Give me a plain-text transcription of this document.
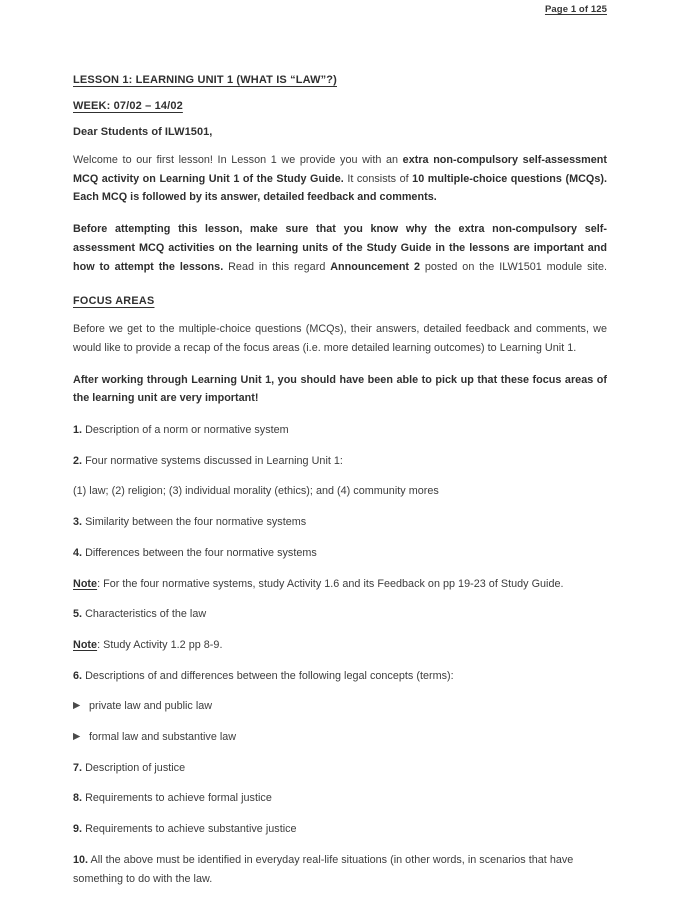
Page 1 of 125
LESSON 1: LEARNING UNIT 1 (WHAT IS “LAW”?)
WEEK: 07/02 – 14/02
Dear Students of ILW1501,

Welcome to our first lesson! In Lesson 1 we provide you with an extra non-compulsory self-assessment MCQ activity on Learning Unit 1 of the Study Guide. It consists of 10 multiple-choice questions (MCQs). Each MCQ is followed by its answer, detailed feedback and comments.

Before attempting this lesson, make sure that you know why the extra non-compulsory self-assessment MCQ activities on the learning units of the Study Guide in the lessons are important and how to attempt the lessons. Read in this regard Announcement 2 posted on the ILW1501 module site.

FOCUS AREAS

Before we get to the multiple-choice questions (MCQs), their answers, detailed feedback and comments, we would like to provide a recap of the focus areas (i.e. more detailed learning outcomes) to Learning Unit 1.

After working through Learning Unit 1, you should have been able to pick up that these focus areas of the learning unit are very important!

1. Description of a norm or normative system
2. Four normative systems discussed in Learning Unit 1:
(1) law; (2) religion; (3) individual morality (ethics); and (4) community mores
3. Similarity between the four normative systems
4. Differences between the four normative systems
Note: For the four normative systems, study Activity 1.6 and its Feedback on pp 19-23 of Study Guide.
5. Characteristics of the law
Note: Study Activity 1.2 pp 8-9.
6. Descriptions of and differences between the following legal concepts (terms):
▶ private law and public law
▶ formal law and substantive law
7. Description of justice
8. Requirements to achieve formal justice
9. Requirements to achieve substantive justice
10. All the above must be identified in everyday real-life situations (in other words, in scenarios that have something to do with the law.
